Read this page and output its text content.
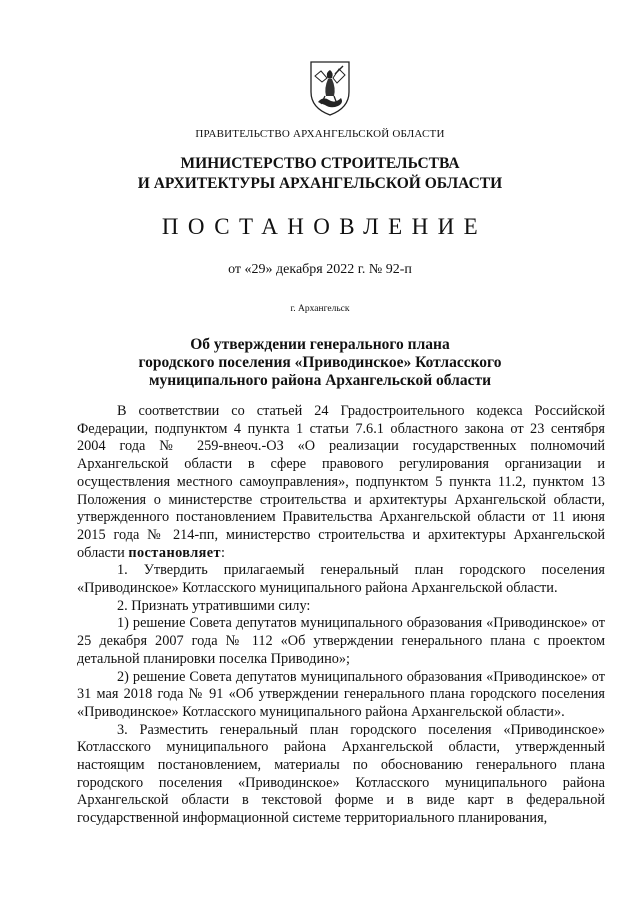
ПРАВИТЕЛЬСТВО АРХАНГЕЛЬСКОЙ ОБЛАСТИ
МИНИСТЕРСТВО СТРОИТЕЛЬСТВА
И АРХИТЕКТУРЫ АРХАНГЕЛЬСКОЙ ОБЛАСТИ
ПОСТАНОВЛЕНИЕ
от «29» декабря 2022 г. № 92-п
г. Архангельск
Об утверждении генерального плана
городского поселения «Приводинское» Котласского
муниципального района Архангельской области

В соответствии со статьей 24 Градостроительного кодекса Российской Федерации, подпунктом 4 пункта 1 статьи 7.6.1 областного закона от 23 сентября 2004 года № 259-внеоч.-ОЗ «О реализации государственных полномочий Архангельской области в сфере правового регулирования организации и осуществления местного самоуправления», подпунктом 5 пункта 11.2, пунктом 13 Положения о министерстве строительства и архитектуры Архангельской области, утвержденного постановлением Правительства Архангельской области от 11 июня 2015 года № 214-пп, министерство строительства и архитектуры Архангельской области постановляет:

1. Утвердить прилагаемый генеральный план городского поселения «Приводинское» Котласского муниципального района Архангельской области.

2. Признать утратившими силу:

1) решение Совета депутатов муниципального образования «Приводинское» от 25 декабря 2007 года № 112 «Об утверждении генерального плана с проектом детальной планировки поселка Приводино»;

2) решение Совета депутатов муниципального образования «Приводинское» от 31 мая 2018 года № 91 «Об утверждении генерального плана городского поселения «Приводинское» Котласского муниципального района Архангельской области».

3. Разместить генеральный план городского поселения «Приводинское» Котласского муниципального района Архангельской области, утвержденный настоящим постановлением, материалы по обоснованию генерального плана городского поселения «Приводинское» Котласского муниципального района Архангельской области в текстовой форме и в виде карт в федеральной государственной информационной системе территориального планирования,
